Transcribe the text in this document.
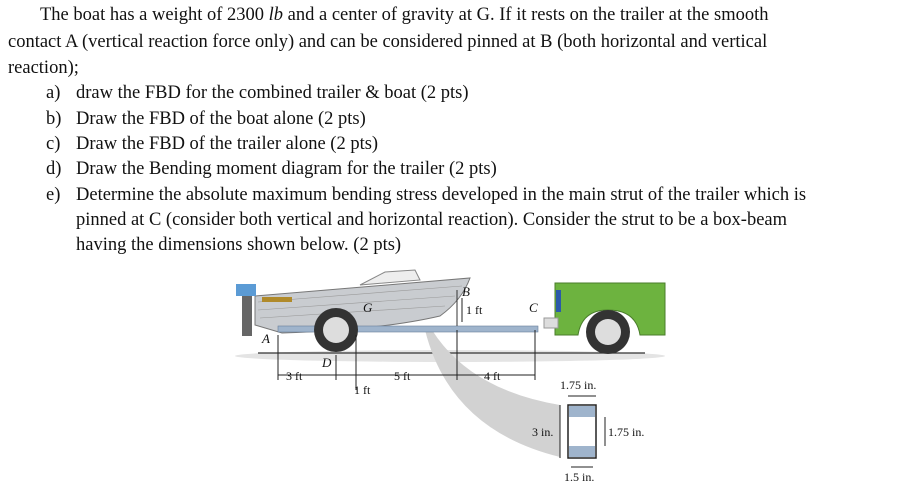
The boat has a weight of 2300 lb and a center of gravity at G. If it rests on the trailer at the smooth
contact A (vertical reaction force only) and can be considered pinned at B (both horizontal and vertical
reaction);
a) draw the FBD for the combined trailer & boat (2 pts)
b) Draw the FBD of the boat alone (2 pts)
c) Draw the FBD of the trailer alone (2 pts)
d) Draw the Bending moment diagram for the trailer (2 pts)
e) Determine the absolute maximum bending stress developed in the main strut of the trailer which is
pinned at C (consider both vertical and horizontal reaction). Consider the strut to be a box-beam
having the dimensions shown below. (2 pts)
A
B
C
D
G
3 ft
1 ft
5 ft	4 ft
1 ft
1.75 in.
3 in.	1.75 in.
1.5 in.
